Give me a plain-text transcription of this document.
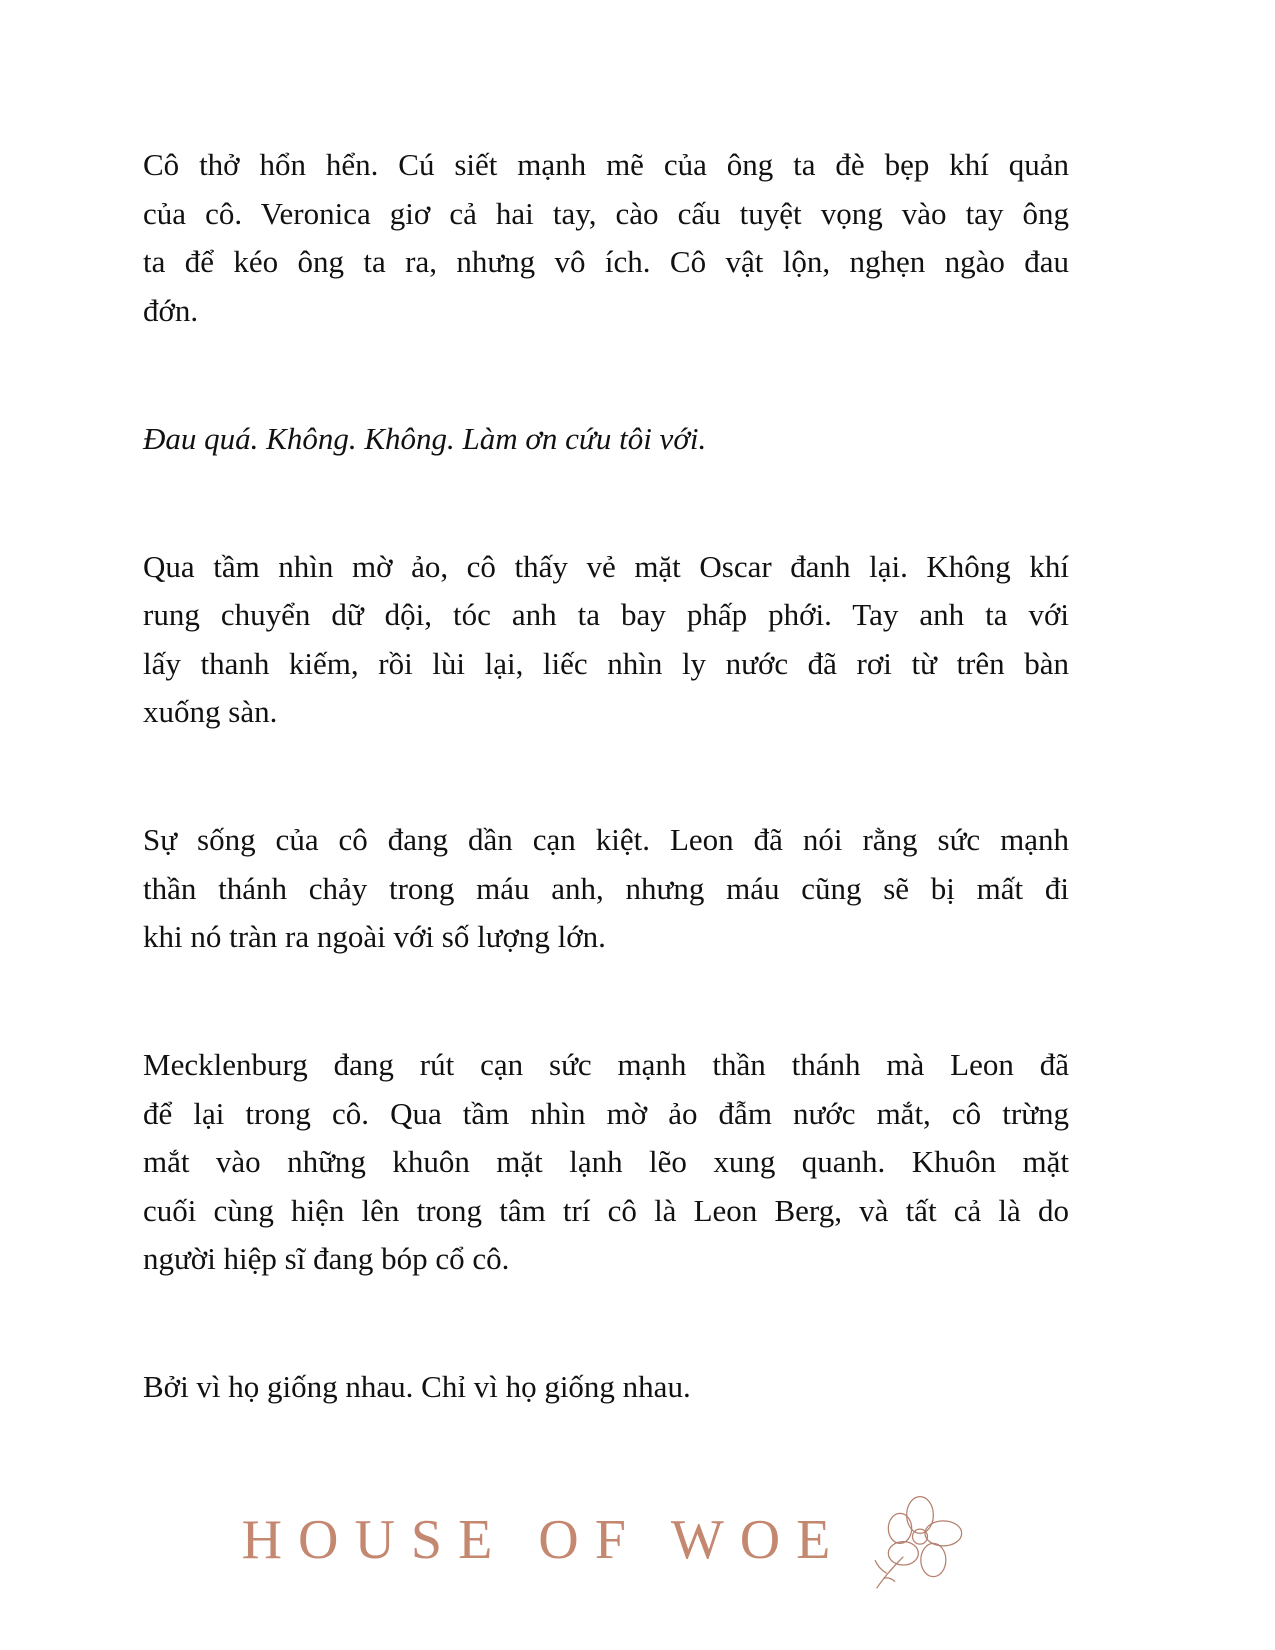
Cô thở hổn hển. Cú siết mạnh mẽ của ông ta đè bẹp khí quản
của cô. Veronica giơ cả hai tay, cào cấu tuyệt vọng vào tay ông
ta để kéo ông ta ra, nhưng vô ích. Cô vật lộn, nghẹn ngào đau
đớn.
Đau quá. Không. Không. Làm ơn cứu tôi với.
Qua tầm nhìn mờ ảo, cô thấy vẻ mặt Oscar đanh lại. Không khí
rung chuyển dữ dội, tóc anh ta bay phấp phới. Tay anh ta với
lấy thanh kiếm, rồi lùi lại, liếc nhìn ly nước đã rơi từ trên bàn
xuống sàn.
Sự sống của cô đang dần cạn kiệt. Leon đã nói rằng sức mạnh
thần thánh chảy trong máu anh, nhưng máu cũng sẽ bị mất đi
khi nó tràn ra ngoài với số lượng lớn.
Mecklenburg đang rút cạn sức mạnh thần thánh mà Leon đã
để lại trong cô. Qua tầm nhìn mờ ảo đẫm nước mắt, cô trừng
mắt vào những khuôn mặt lạnh lẽo xung quanh. Khuôn mặt
cuối cùng hiện lên trong tâm trí cô là Leon Berg, và tất cả là do
người hiệp sĩ đang bóp cổ cô.
Bởi vì họ giống nhau. Chỉ vì họ giống nhau.
HOUSE OF WOE
